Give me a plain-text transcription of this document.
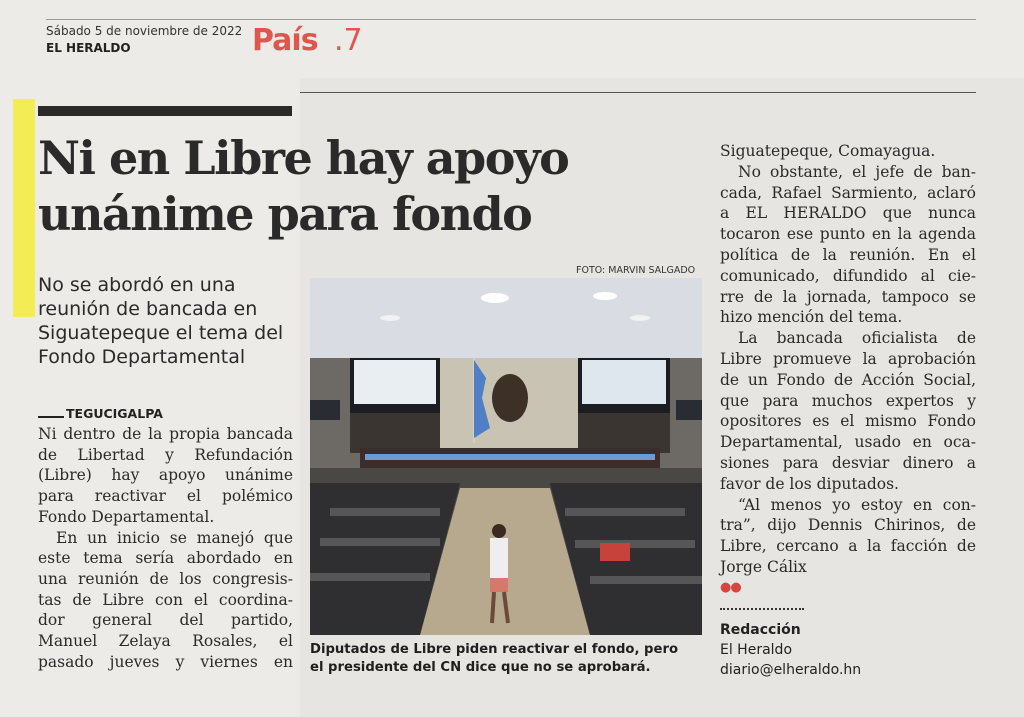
Sábado 5 de noviembre de 2022
EL HERALDO	País .7
Ni en Libre hay apoyo
unánime para fondo
No se abordó en una
reunión de bancada en
Siguatepeque el tema del
Fondo Departamental
TEGUCIGALPA
Ni dentro de la propia bancada
de Libertad y Refundación
(Libre) hay apoyo unánime
para reactivar el polémico
Fondo Departamental.
En un inicio se manejó que
este tema sería abordado en
una reunión de los congresis-
tas de Libre con el coordina-
dor general del partido,
Manuel Zelaya Rosales, el
pasado jueves y viernes en
FOTO: MARVIN SALGADO
Diputados de Libre piden reactivar el fondo, pero
el presidente del CN dice que no se aprobará.
Siguatepeque, Comayagua.
No obstante, el jefe de ban-
cada, Rafael Sarmiento, aclaró
a EL HERALDO que nunca
tocaron ese punto en la agenda
política de la reunión. En el
comunicado, difundido al cie-
rre de la jornada, tampoco se
hizo mención del tema.
La bancada oficialista de
Libre promueve la aprobación
de un Fondo de Acción Social,
que para muchos expertos y
opositores es el mismo Fondo
Departamental, usado en oca-
siones para desviar dinero a
favor de los diputados.
“Al menos yo estoy en con-
tra”, dijo Dennis Chirinos, de
Libre, cercano a la facción de
Jorge Cálix
●●
Redacción
El Heraldo
diario@elheraldo.hn
